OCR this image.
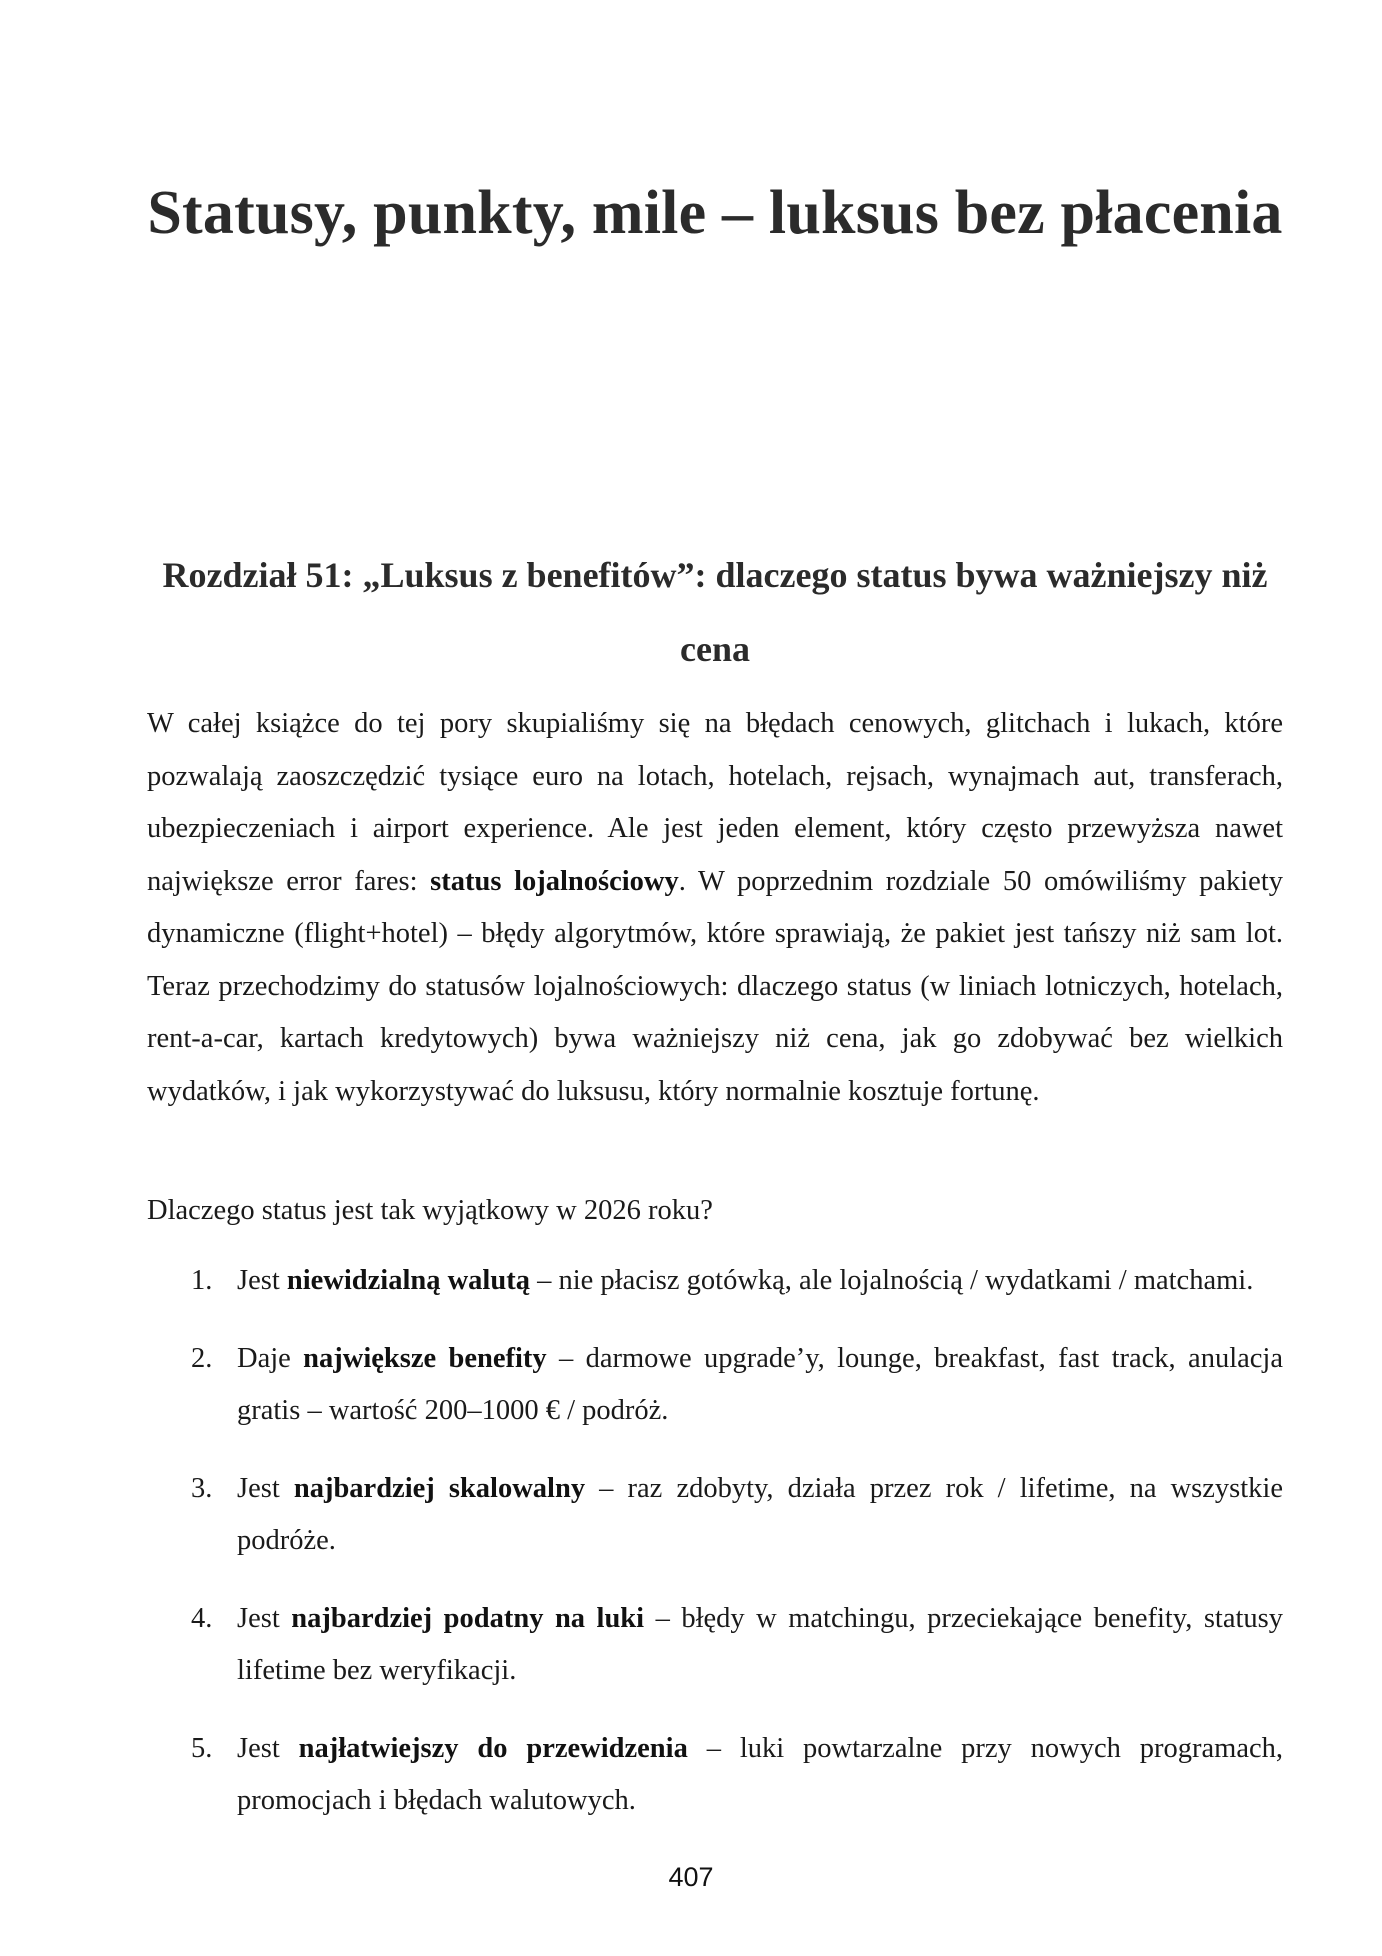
Statusy, punkty, mile – luksus bez płacenia
Rozdział 51: „Luksus z benefitów”: dlaczego status bywa ważniejszy niż cena

W całej książce do tej pory skupialiśmy się na błędach cenowych, glitchach i lukach, które pozwalają zaoszczędzić tysiące euro na lotach, hotelach, rejsach, wynajmach aut, transferach, ubezpieczeniach i airport experience. Ale jest jeden element, który często przewyższa nawet największe error fares: status lojalnościowy. W poprzednim rozdziale 50 omówiliśmy pakiety dynamiczne (flight+hotel) – błędy algorytmów, które sprawiają, że pakiet jest tańszy niż sam lot. Teraz przechodzimy do statusów lojalnościowych: dlaczego status (w liniach lotniczych, hotelach, rent-a-car, kartach kredytowych) bywa ważniejszy niż cena, jak go zdobywać bez wielkich wydatków, i jak wykorzystywać do luksusu, który normalnie kosztuje fortunę.

Dlaczego status jest tak wyjątkowy w 2026 roku?

1. Jest niewidzialną walutą – nie płacisz gotówką, ale lojalnością / wydatkami / matchami.
2. Daje największe benefity – darmowe upgrade’y, lounge, breakfast, fast track, anulacja gratis – wartość 200–1000 € / podróż.
3. Jest najbardziej skalowalny – raz zdobyty, działa przez rok / lifetime, na wszystkie podróże.
4. Jest najbardziej podatny na luki – błędy w matchingu, przeciekające benefity, statusy lifetime bez weryfikacji.
5. Jest najłatwiejszy do przewidzenia – luki powtarzalne przy nowych programach, promocjach i błędach walutowych.
407
